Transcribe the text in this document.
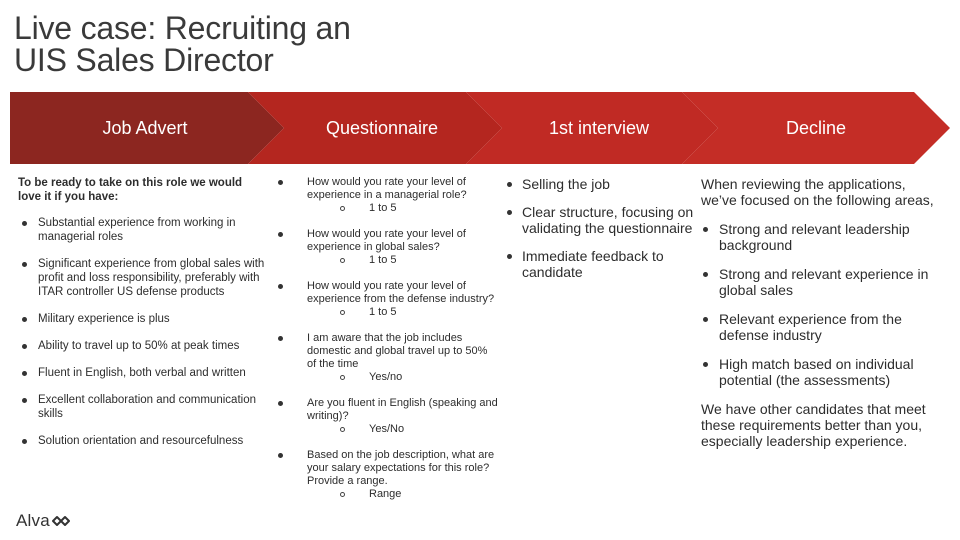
Live case: Recruiting an
UIS Sales Director
Job Advert	Questionnaire	1st interview	Decline
To be ready to take on this role we would love it if you have:
Substantial experience from working in managerial roles
Significant experience from global sales with profit and loss responsibility, preferably with ITAR controller US defense products
Military experience is plus
Ability to travel up to 50% at peak times
Fluent in English, both verbal and written
Excellent collaboration and communication skills
Solution orientation and resourcefulness
How would you rate your level of experience in a managerial role?
1 to 5
How would you rate your level of experience in global sales?
1 to 5
How would you rate your level of experience from the defense industry?
1 to 5
I am aware that the job includes domestic and global travel up to 50% of the time
Yes/no
Are you fluent in English (speaking and writing)?
Yes/No
Based on the job description, what are your salary expectations for this role? Provide a range.
Range
Selling the job
Clear structure, focusing on validating the questionnaire
Immediate feedback to candidate
When reviewing the applications, we’ve focused on the following areas,
Strong and relevant leadership background
Strong and relevant experience in global sales
Relevant experience from the defense industry
High match based on individual potential (the assessments)
We have other candidates that meet these requirements better than you, especially leadership experience.
Alva
